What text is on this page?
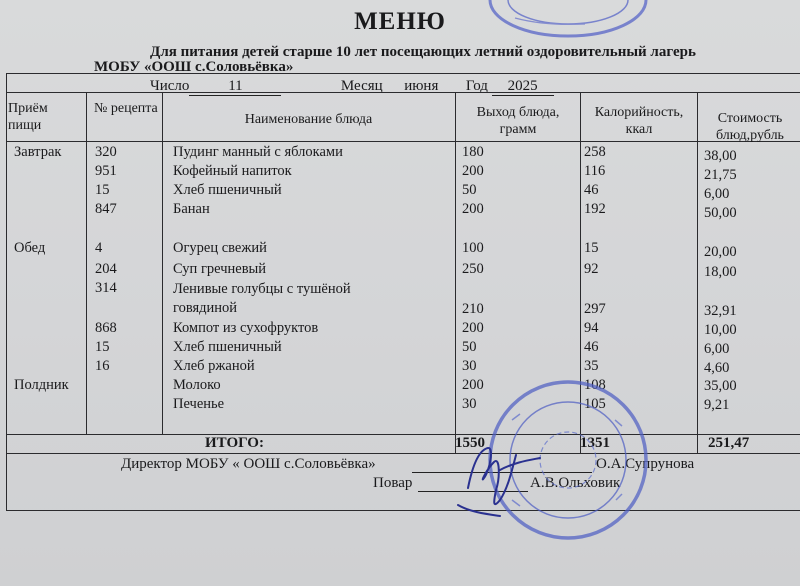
МЕНЮ
Для питания детей старше 10 лет посещающих летний оздоровительный лагерь
МОБУ «ООШ с.Соловьёвка»
Число	11	Месяц июня Год 2025
Приём пищи
№ рецепта
Наименование блюда	Выход блюда, грамм
Калорийность, ккал
Стоимость блюд,рубль
Завтрак 320	Пудинг манный с яблоками	180	258	38,00
951	Кофейный напиток	200	116	21,75
15	Хлеб пшеничный	50	46	6,00
847	Банан	200	192	50,00
Обед	4	Огурец свежий	100	15	20,00
204	Суп гречневый	250	92	18,00
314	Ленивые голубцы с тушёной
говядиной	210	297	32,91
868	Компот из сухофруктов	200	94	10,00
15	Хлеб пшеничный	50	46	6,00
16	Хлеб ржаной	30	35	4,60
Полдник	Молоко	200	108	35,00
Печенье	30	105	9,21
ИТОГО:	1550	1351	251,47
Директор МОБУ « ООШ с.Соловьёвка»	О.А.Супрунова
Повар	А.В.Ольховик
